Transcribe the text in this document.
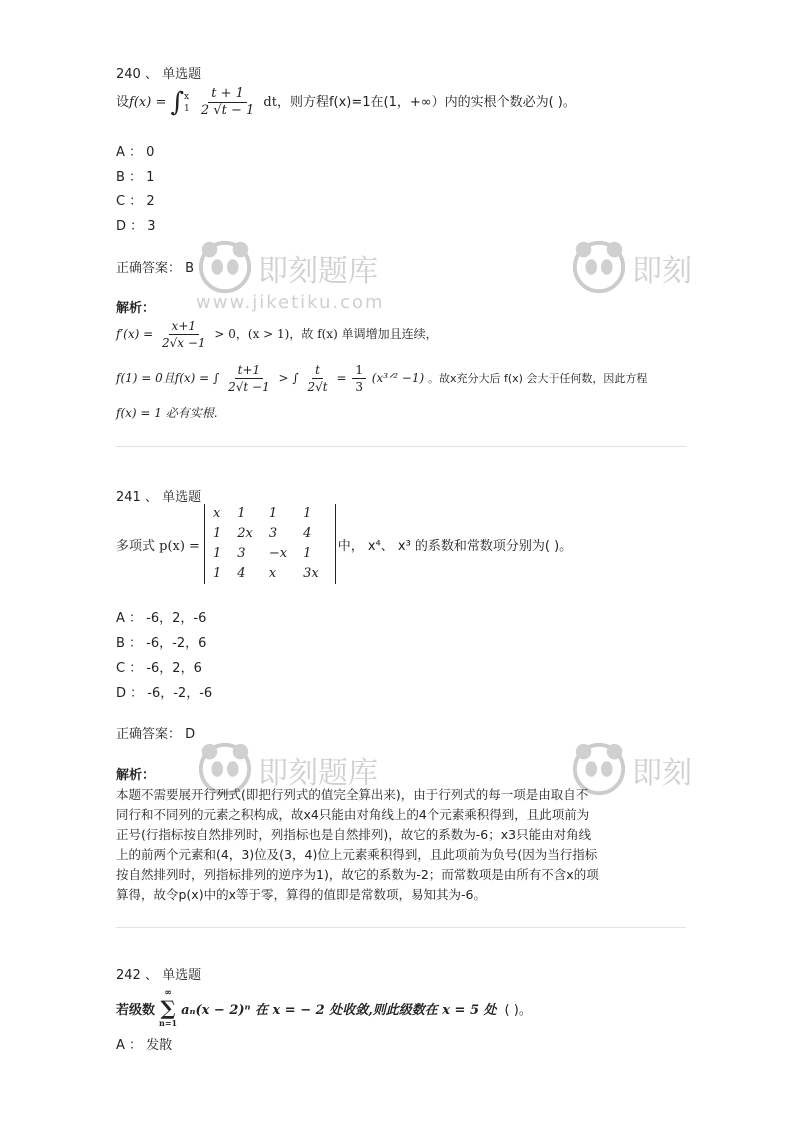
即刻题库
www.jiketiku.com
即刻
即刻题库	即刻
240 、 单选题
设f(x) = ∫ x
1
$\frac{t + 1}{2 √t - 1}$ dt，则方程f(x)=1在(1，+∞）内的实根个数必为( )。
A ： 0
B ： 1
C ： 2
D ： 3
正确答案： B
解析：
$f'(x) = \frac{x+1}{2√x -1} > 0$，(x > 1)，故 f(x) 单调增加且连续，
f(1) = 0且f(x) = ∫ $\frac{t+1}{2√t -1}$ > ∫ $\frac{t}{2√t} = \frac{1}{3}$ (x³ᐟ² −1) 。故x充分大后 f(x) 会大于任何数，因此方程
f(x) = 1 必有实根.
241 、 单选题
多项式 p(x) =
x	1	1	1
1	2x	3	4
1	3	−x	1
1	4	x	3x
中， x⁴、 x³ 的系数和常数项分别为( )。
A ： -6，2，-6
B ： -6，-2，6
C ： -6，2，6
D ： -6，-2，-6
正确答案： D
解析：
本题不需要展开行列式(即把行列式的值完全算出来)，由于行列式的每一项是由取自不
同行和不同列的元素之积构成，故x4只能由对角线上的4个元素乘积得到，且此项前为
正号(行指标按自然排列时，列指标也是自然排列)，故它的系数为-6；x3只能由对角线
上的前两个元素和(4，3)位及(3，4)位上元素乘积得到，且此项前为负号(因为当行指标
按自然排列时，列指标排列的逆序为1)，故它的系数为-2；而常数项是由所有不含x的项
算得，故令p(x)中的x等于零，算得的值即是常数项，易知其为-6。
242 、 单选题
若级数
∞
∑
n=1
aₙ(x − 2)ⁿ 在 x = − 2 处收敛,则此级数在 x = 5 处 ( )。
A ： 发散
